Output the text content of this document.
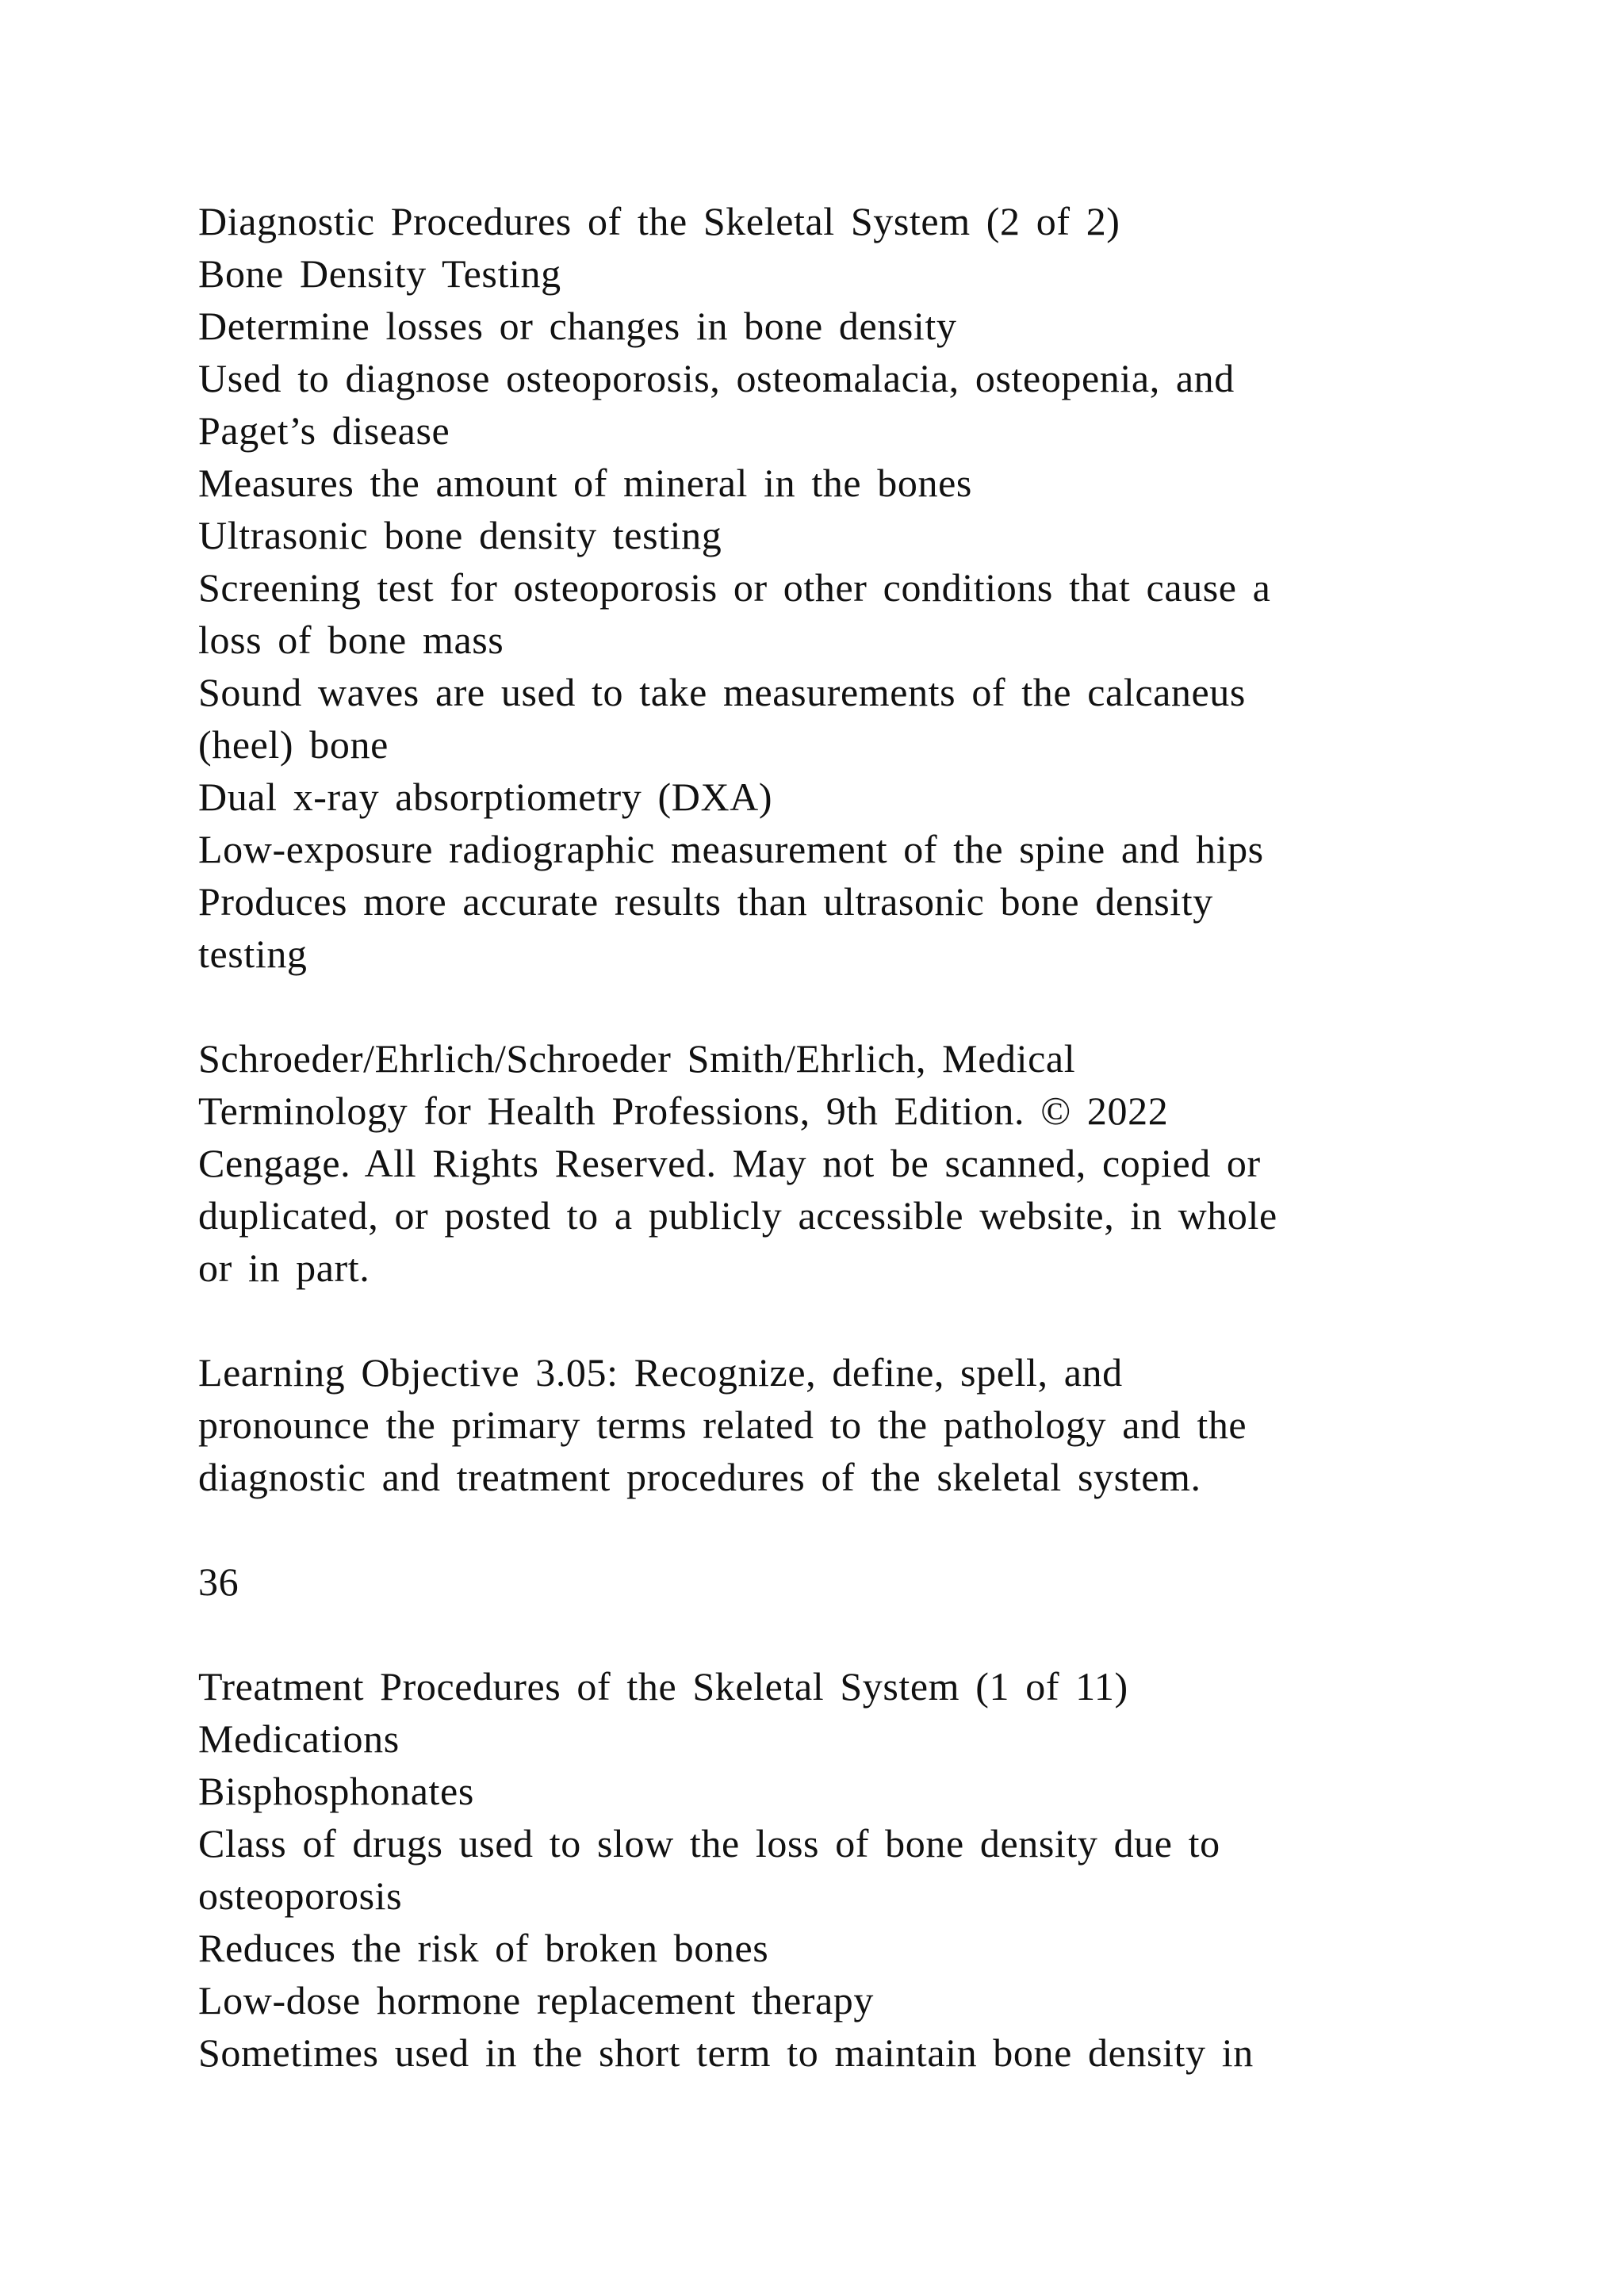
Diagnostic Procedures of the Skeletal System (2 of 2)
Bone Density Testing
Determine losses or changes in bone density
Used to diagnose osteoporosis, osteomalacia, osteopenia, and
Paget’s disease
Measures the amount of mineral in the bones
Ultrasonic bone density testing
Screening test for osteoporosis or other conditions that cause a
loss of bone mass
Sound waves are used to take measurements of the calcaneus
(heel) bone
Dual x-ray absorptiometry (DXA)
Low-exposure radiographic measurement of the spine and hips
Produces more accurate results than ultrasonic bone density
testing
Schroeder/Ehrlich/Schroeder Smith/Ehrlich, Medical
Terminology for Health Professions, 9th Edition. © 2022
Cengage. All Rights Reserved. May not be scanned, copied or
duplicated, or posted to a publicly accessible website, in whole
or in part.
Learning Objective 3.05: Recognize, define, spell, and
pronounce the primary terms related to the pathology and the
diagnostic and treatment procedures of the skeletal system.
36
Treatment Procedures of the Skeletal System (1 of 11)
Medications
Bisphosphonates
Class of drugs used to slow the loss of bone density due to
osteoporosis
Reduces the risk of broken bones
Low-dose hormone replacement therapy
Sometimes used in the short term to maintain bone density in
